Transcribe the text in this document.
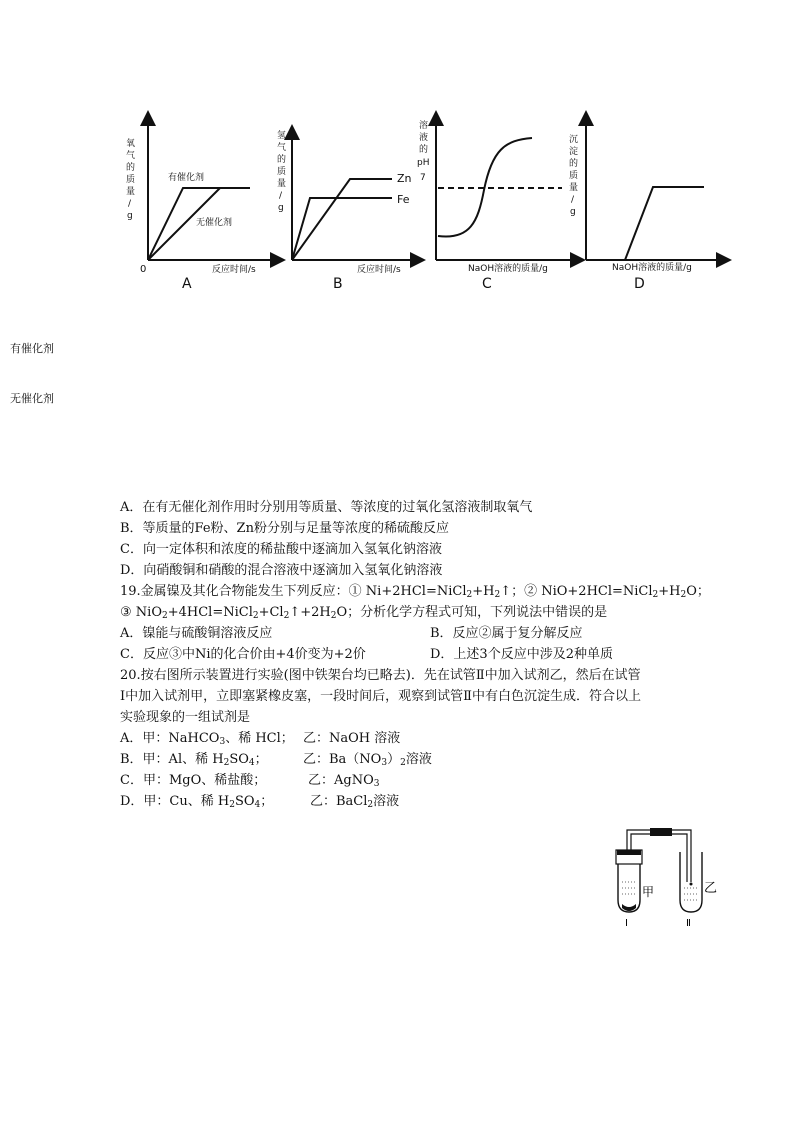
氧
气
的
质
量
/
g
有催化剂
无催化剂
0	反应时间/s
A
氢
气
的
质
量
/
g
Zn
Fe
反应时间/s
B
溶
液
的
pH
7
NaOH溶液的质量/g
C
沉
淀
的
质
量
/
g
NaOH溶液的质量/g
D
有催化剂
无催化剂
A．在有无催化剂作用时分别用等质量、等浓度的过氧化氢溶液制取氧气
B．等质量的Fe粉、Zn粉分别与足量等浓度的稀硫酸反应
C．向一定体积和浓度的稀盐酸中逐滴加入氢氧化钠溶液
D．向硝酸铜和硝酸的混合溶液中逐滴加入氢氧化钠溶液
19.金属镍及其化合物能发生下列反应：① $Ni+2HCl=NiCl_2+H_2↑$；② $NiO+2HCl=NiCl_2+H_2O$；
③ $NiO_2+4HCl=NiCl_2+Cl_2↑+2H_2O$；分析化学方程式可知，下列说法中错误的是
A．镍能与硫酸铜溶液反应	B．反应②属于复分解反应
C．反应③中Ni的化合价由+4价变为+2价	D．上述3个反应中涉及2种单质
20.按右图所示装置进行实验(图中铁架台均已略去)．先在试管Ⅱ中加入试剂乙，然后在试管
Ⅰ中加入试剂甲，立即塞紧橡皮塞，一段时间后，观察到试管Ⅱ中有白色沉淀生成．符合以上
实验现象的一组试剂是
A．甲：NaHCO$_3$、稀 HCl； 乙：NaOH 溶液
B．甲：Al、稀 $H_2SO_4$；	乙：$Ba(NO_3)_2$溶液
C．甲：MgO、稀盐酸；	乙：AgNO$_3$
D．甲：Cu、稀 $H_2SO_4$；	乙：BaCl$_2$溶液
甲	乙
Ⅰ	Ⅱ
